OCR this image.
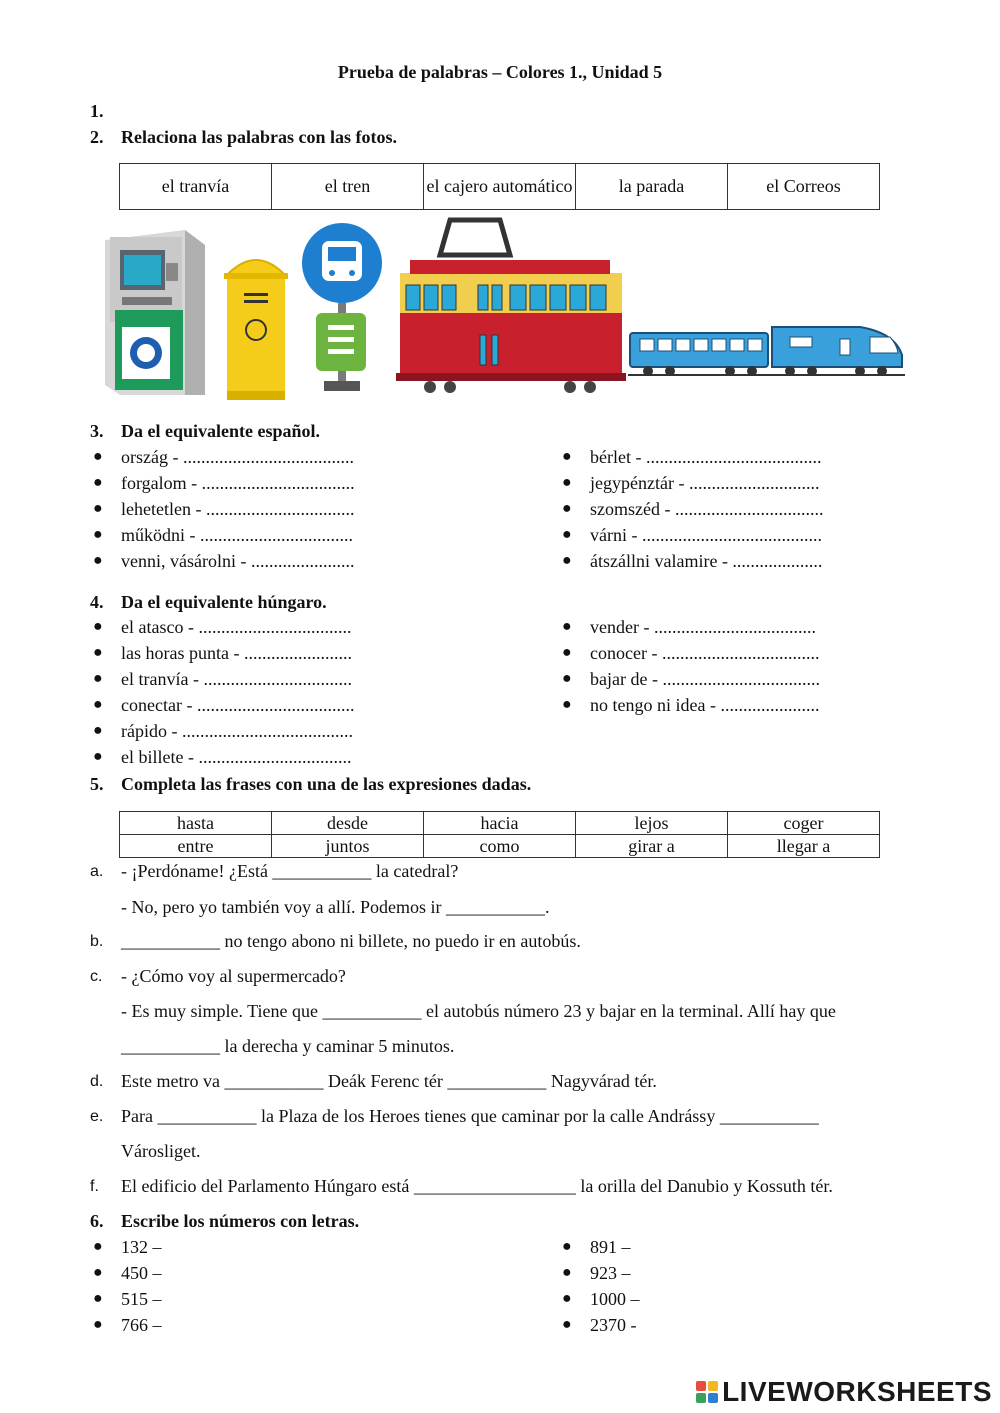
Prueba de palabras – Colores 1., Unidad 5
1.
2. Relaciona las palabras con las fotos.
el tranvía	el tren	el cajero automático	la parada	el Correos
3. Da el equivalente español.
● ország - ......................................
● forgalom - ..................................
● lehetetlen - .................................
● működni - ..................................
● venni, vásárolni - .......................
● bérlet - .......................................
● jegypénztár - .............................
● szomszéd - .................................
● várni - ........................................
● átszállni valamire - ....................
4. Da el equivalente húngaro.
● el atasco - ..................................
● las horas punta - ........................
● el tranvía - .................................
● conectar - ...................................
● rápido - ......................................
● el billete - ..................................
● vender - ....................................
● conocer - ...................................
● bajar de - ...................................
● no tengo ni idea - ......................
5. Completa las frases con una de las expresiones dadas.
hasta	desde	hacia	lejos	coger
entre	juntos	como	girar a	llegar a
a. - ¡Perdóname! ¿Está ___________ la catedral?
- No, pero yo también voy a allí. Podemos ir ___________.
b. ___________ no tengo abono ni billete, no puedo ir en autobús.
c. - ¿Cómo voy al supermercado?
- Es muy simple. Tiene que ___________ el autobús número 23 y bajar en la terminal. Allí hay que
___________ la derecha y caminar 5 minutos.
d. Este metro va ___________ Deák Ferenc tér ___________ Nagyvárad tér.
e. Para ___________ la Plaza de los Heroes tienes que caminar por la calle Andrássy ___________
Városliget.
f. El edificio del Parlamento Húngaro está __________________ la orilla del Danubio y Kossuth tér.
6. Escribe los números con letras.
● 132 –
● 450 –
● 515 –
● 766 –
● 891 –
● 923 –
● 1000 –
● 2370 -
LIVEWORKSHEETS
